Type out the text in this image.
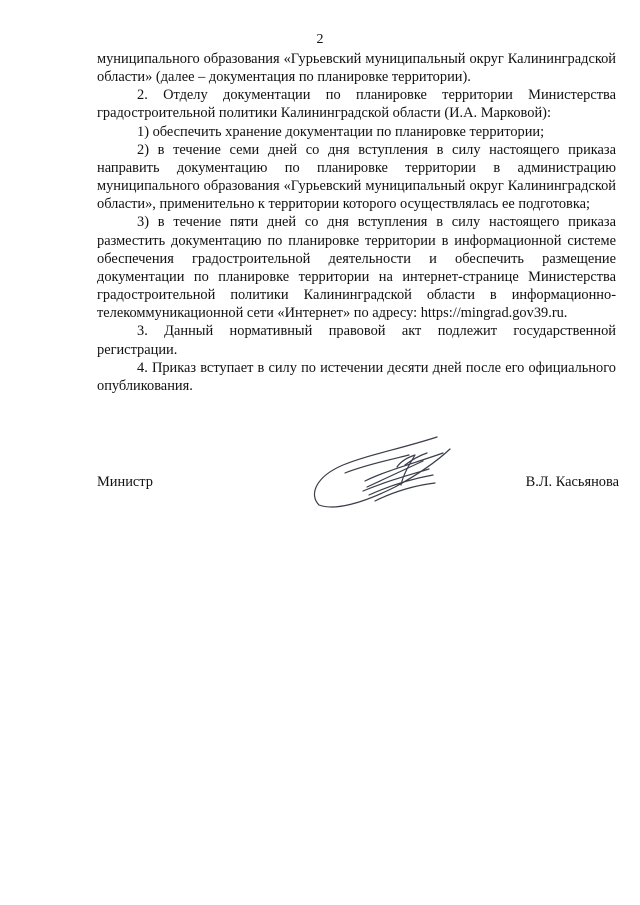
2

муниципального образования «Гурьевский муниципальный округ Калининградской области» (далее – документация по планировке территории).

2. Отделу документации по планировке территории Министерства градостроительной политики Калининградской области (И.А. Марковой):

1) обеспечить хранение документации по планировке территории;

2) в течение семи дней со дня вступления в силу настоящего приказа направить документацию по планировке территории в администрацию муниципального образования «Гурьевский муниципальный округ Калининградской области», применительно к территории которого осуществлялась ее подготовка;

3) в течение пяти дней со дня вступления в силу настоящего приказа разместить документацию по планировке территории в информационной системе обеспечения градостроительной деятельности и обеспечить размещение документации по планировке территории на интернет-странице Министерства градостроительной политики Калининградской области в информационно-телекоммуникационной сети «Интернет» по адресу: https://mingrad.gov39.ru.

3. Данный нормативный правовой акт подлежит государственной регистрации.

4. Приказ вступает в силу по истечении десяти дней после его официального опубликования.

Министр	В.Л. Касьянова
